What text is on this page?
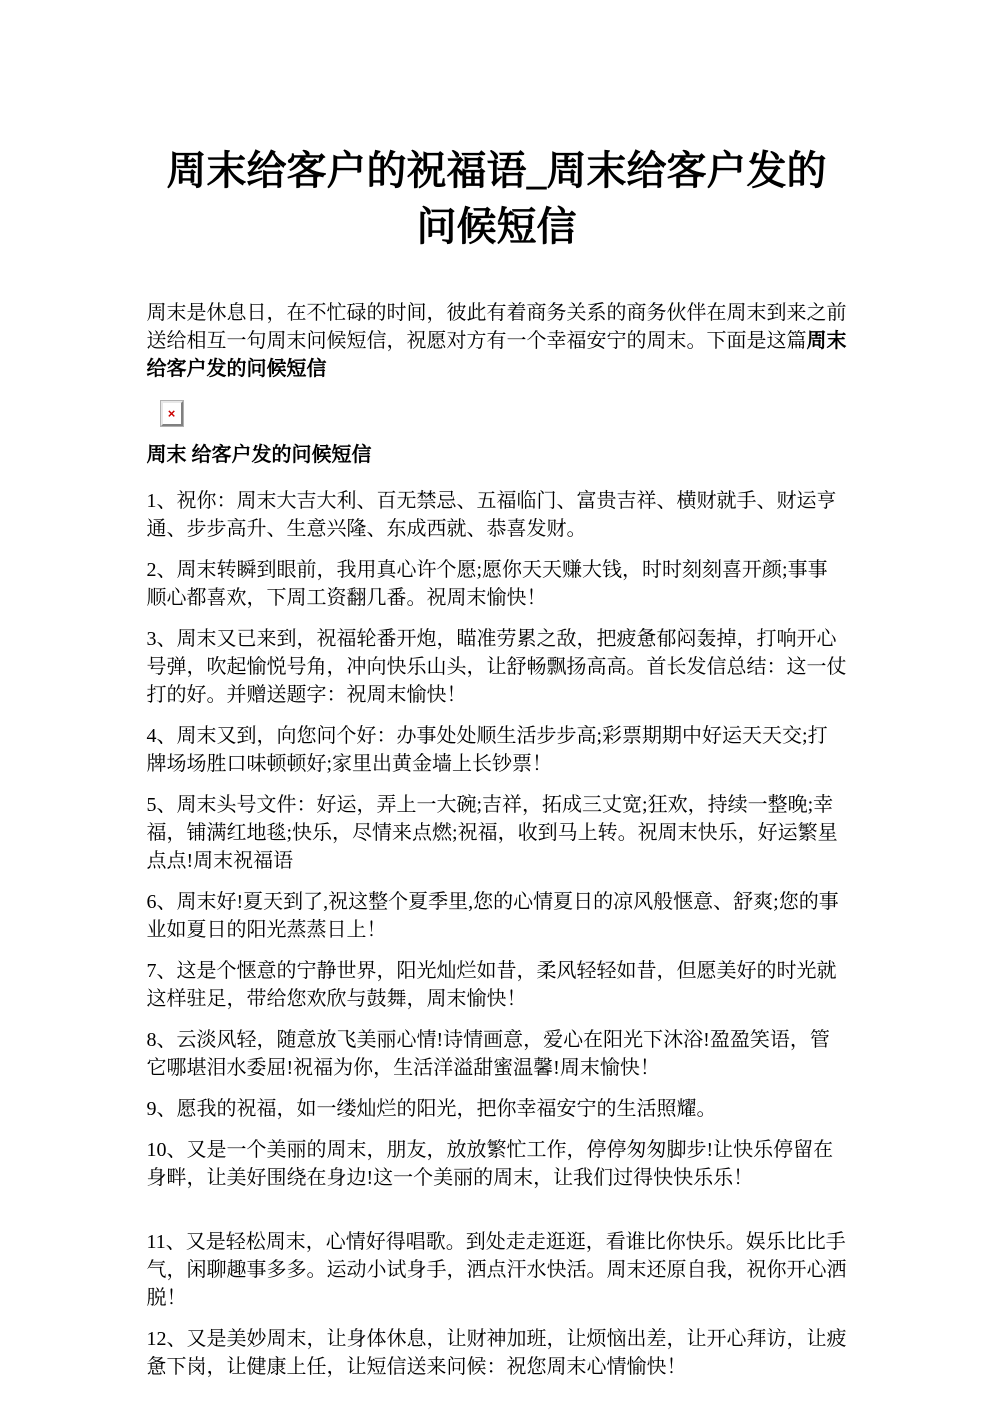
周末给客户的祝福语_周末给客户发的问候短信

周末是休息日，在不忙碌的时间，彼此有着商务关系的商务伙伴在周末到来之前送给相互一句周末问候短信，祝愿对方有一个幸福安宁的周末。下面是这篇周末 给客户发的问候短信

×
周末 给客户发的问候短信

1、祝你：周末大吉大利、百无禁忌、五福临门、富贵吉祥、横财就手、财运亨通、步步高升、生意兴隆、东成西就、恭喜发财。

2、周末转瞬到眼前，我用真心许个愿;愿你天天赚大钱，时时刻刻喜开颜;事事顺心都喜欢，下周工资翻几番。祝周末愉快！

3、周末又已来到，祝福轮番开炮，瞄准劳累之敌，把疲惫郁闷轰掉，打响开心号弹，吹起愉悦号角，冲向快乐山头，让舒畅飘扬高高。首长发信总结：这一仗打的好。并赠送题字：祝周末愉快！

4、周末又到，向您问个好：办事处处顺生活步步高;彩票期期中好运天天交;打牌场场胜口味顿顿好;家里出黄金墙上长钞票！

5、周末头号文件：好运，弄上一大碗;吉祥，拓成三丈宽;狂欢，持续一整晚;幸福，铺满红地毯;快乐，尽情来点燃;祝福，收到马上转。祝周末快乐，好运繁星点点!周末祝福语

6、周末好!夏天到了,祝这整个夏季里,您的心情夏日的凉风般惬意、舒爽;您的事业如夏日的阳光蒸蒸日上！

7、这是个惬意的宁静世界，阳光灿烂如昔，柔风轻轻如昔，但愿美好的时光就这样驻足，带给您欢欣与鼓舞，周末愉快！

8、云淡风轻，随意放飞美丽心情!诗情画意，爱心在阳光下沐浴!盈盈笑语，管它哪堪泪水委屈!祝福为你，生活洋溢甜蜜温馨!周末愉快！

9、愿我的祝福，如一缕灿烂的阳光，把你幸福安宁的生活照耀。

10、又是一个美丽的周末，朋友，放放繁忙工作，停停匆匆脚步!让快乐停留在身畔，让美好围绕在身边!这一个美丽的周末，让我们过得快快乐乐！

11、又是轻松周末，心情好得唱歌。到处走走逛逛，看谁比你快乐。娱乐比比手气，闲聊趣事多多。运动小试身手，洒点汗水快活。周末还原自我，祝你开心洒脱！

12、又是美妙周末，让身体休息，让财神加班，让烦恼出差，让开心拜访，让疲惫下岗，让健康上任，让短信送来问候：祝您周末心情愉快！
